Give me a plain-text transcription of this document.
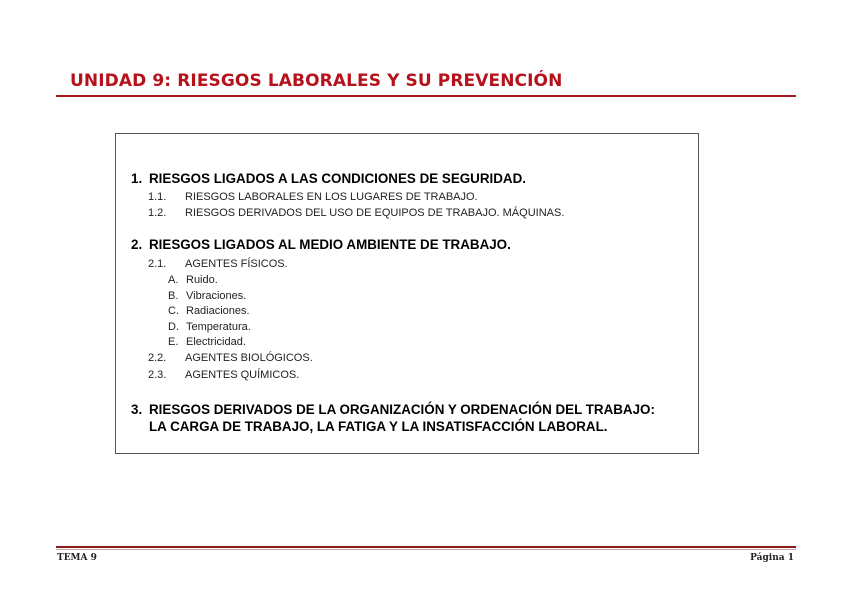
UNIDAD 9: RIESGOS LABORALES Y SU PREVENCIÓN
1. RIESGOS LIGADOS A LAS CONDICIONES DE SEGURIDAD.
1.1. RIESGOS LABORALES EN LOS LUGARES DE TRABAJO.
1.2. RIESGOS DERIVADOS DEL USO DE EQUIPOS DE TRABAJO. MÁQUINAS.
2. RIESGOS LIGADOS AL MEDIO AMBIENTE DE TRABAJO.
2.1. AGENTES FÍSICOS.
A. Ruido.
B. Vibraciones.
C. Radiaciones.
D. Temperatura.
E. Electricidad.
2.2. AGENTES BIOLÓGICOS.
2.3. AGENTES QUÍMICOS.
3. RIESGOS DERIVADOS DE LA ORGANIZACIÓN Y ORDENACIÓN DEL TRABAJO:
LA CARGA DE TRABAJO, LA FATIGA Y LA INSATISFACCIÓN LABORAL.
TEMA 9	Página 1
